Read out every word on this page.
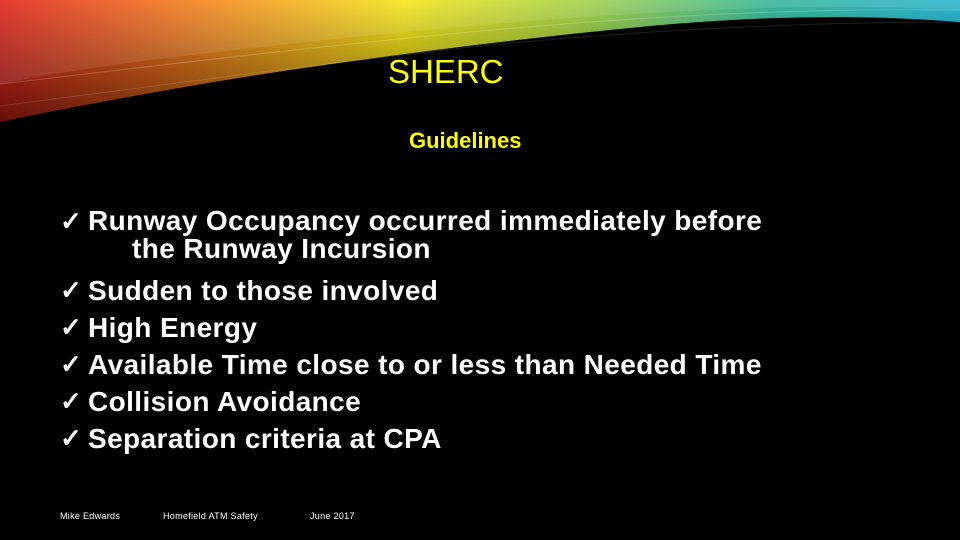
SHERC
Guidelines
✓ Runway Occupancy occurred immediately before
the Runway Incursion
✓ Sudden to those involved
✓ High Energy
✓ Available Time close to or less than Needed Time
✓ Collision Avoidance
✓ Separation criteria at CPA
Mike Edwards	Homefield ATM Safety	June 2017
